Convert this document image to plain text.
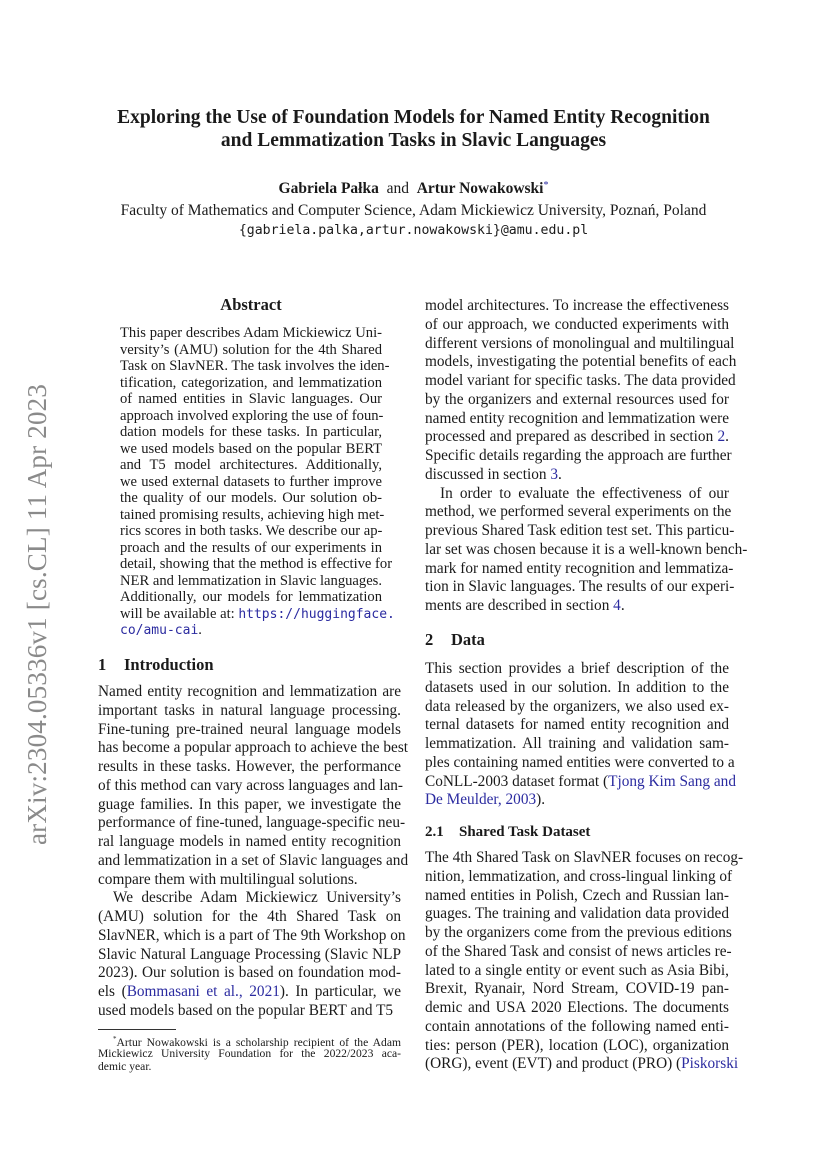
arXiv:2304.05336v1 [cs.CL] 11 Apr 2023
Exploring the Use of Foundation Models for Named Entity Recognition
and Lemmatization Tasks in Slavic Languages
Gabriela Pałka and Artur Nowakowski*
Faculty of Mathematics and Computer Science, Adam Mickiewicz University, Poznań, Poland
{gabriela.palka,artur.nowakowski}@amu.edu.pl
Abstract
This paper describes Adam Mickiewicz Uni-
versity’s (AMU) solution for the 4th Shared
Task on SlavNER. The task involves the iden-
tification, categorization, and lemmatization
of named entities in Slavic languages. Our
approach involved exploring the use of foun-
dation models for these tasks. In particular,
we used models based on the popular BERT
and T5 model architectures. Additionally,
we used external datasets to further improve
the quality of our models. Our solution ob-
tained promising results, achieving high met-
rics scores in both tasks. We describe our ap-
proach and the results of our experiments in
detail, showing that the method is effective for
NER and lemmatization in Slavic languages.
Additionally, our models for lemmatization
will be available at: https://huggingface.
co/amu-cai.
1 Introduction
Named entity recognition and lemmatization are
important tasks in natural language processing.
Fine-tuning pre-trained neural language models
has become a popular approach to achieve the best
results in these tasks. However, the performance
of this method can vary across languages and lan-
guage families. In this paper, we investigate the
performance of fine-tuned, language-specific neu-
ral language models in named entity recognition
and lemmatization in a set of Slavic languages and
compare them with multilingual solutions.
We describe Adam Mickiewicz University’s
(AMU) solution for the 4th Shared Task on
SlavNER, which is a part of The 9th Workshop on
Slavic Natural Language Processing (Slavic NLP
2023). Our solution is based on foundation mod-
els (Bommasani et al., 2021). In particular, we
used models based on the popular BERT and T5
*Artur Nowakowski is a scholarship recipient of the Adam
Mickiewicz University Foundation for the 2022/2023 aca-
demic year.
model architectures. To increase the effectiveness
of our approach, we conducted experiments with
different versions of monolingual and multilingual
models, investigating the potential benefits of each
model variant for specific tasks. The data provided
by the organizers and external resources used for
named entity recognition and lemmatization were
processed and prepared as described in section 2.
Specific details regarding the approach are further
discussed in section 3.
In order to evaluate the effectiveness of our
method, we performed several experiments on the
previous Shared Task edition test set. This particu-
lar set was chosen because it is a well-known bench-
mark for named entity recognition and lemmatiza-
tion in Slavic languages. The results of our experi-
ments are described in section 4.
2 Data
This section provides a brief description of the
datasets used in our solution. In addition to the
data released by the organizers, we also used ex-
ternal datasets for named entity recognition and
lemmatization. All training and validation sam-
ples containing named entities were converted to a
CoNLL-2003 dataset format (Tjong Kim Sang and
De Meulder, 2003).
2.1 Shared Task Dataset
The 4th Shared Task on SlavNER focuses on recog-
nition, lemmatization, and cross-lingual linking of
named entities in Polish, Czech and Russian lan-
guages. The training and validation data provided
by the organizers come from the previous editions
of the Shared Task and consist of news articles re-
lated to a single entity or event such as Asia Bibi,
Brexit, Ryanair, Nord Stream, COVID-19 pan-
demic and USA 2020 Elections. The documents
contain annotations of the following named enti-
ties: person (PER), location (LOC), organization
(ORG), event (EVT) and product (PRO) (Piskorski
